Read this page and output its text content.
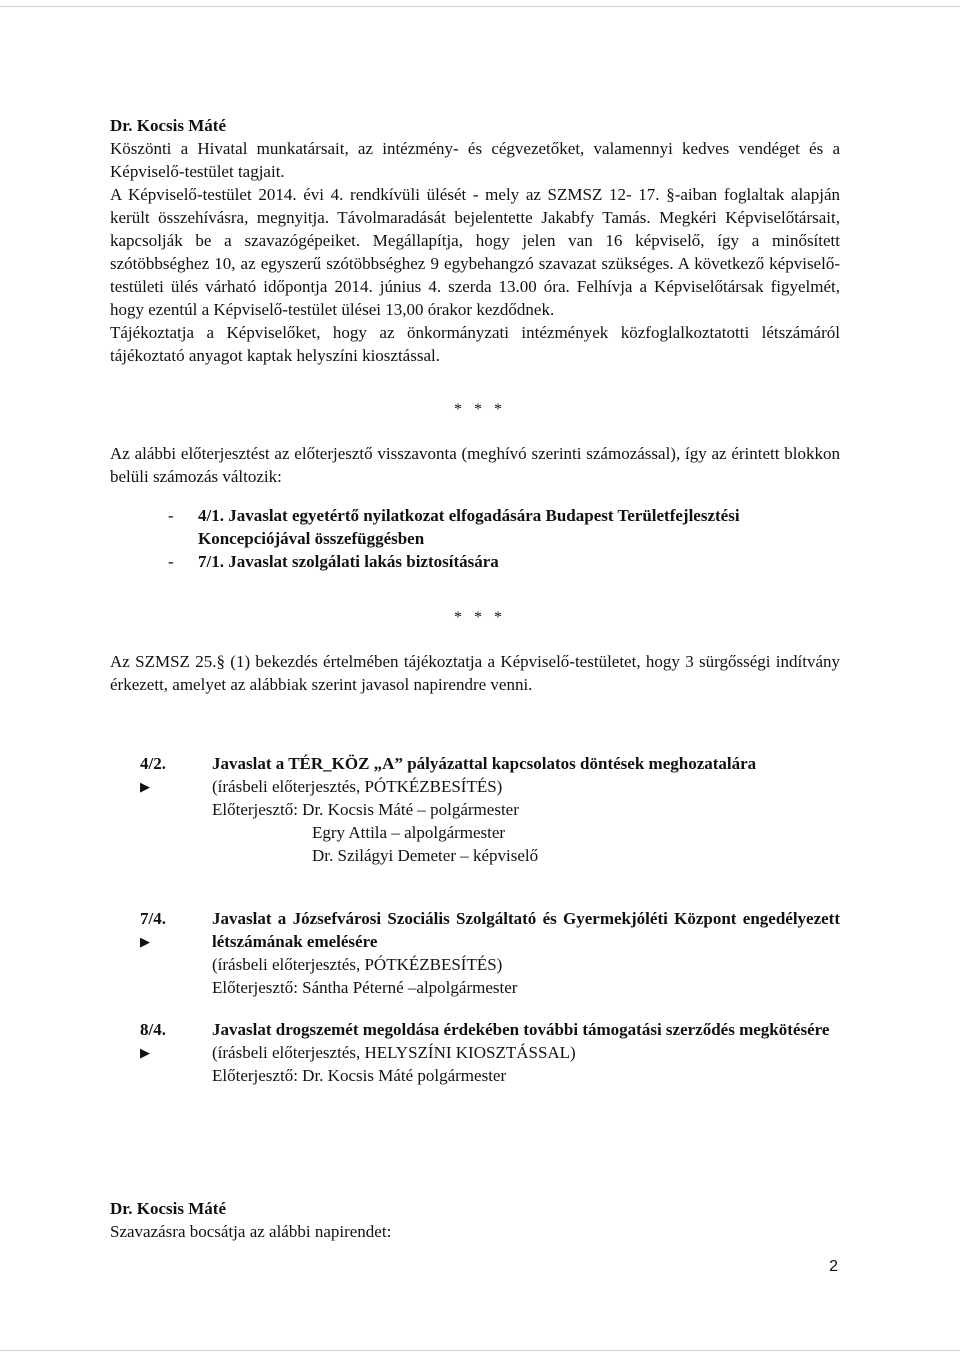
Dr. Kocsis Máté

Köszönti a Hivatal munkatársait, az intézmény- és cégvezetőket, valamennyi kedves vendéget és a Képviselő-testület tagjait.

A Képviselő-testület 2014. évi 4. rendkívüli ülését - mely az SZMSZ 12- 17. §-aiban foglaltak alapján került összehívásra, megnyitja. Távolmaradását bejelentette Jakabfy Tamás. Megkéri Képviselőtársait, kapcsolják be a szavazógépeiket. Megállapítja, hogy jelen van 16 képviselő, így a minősített szótöbbséghez 10, az egyszerű szótöbbséghez 9 egybehangzó szavazat szükséges. A következő képviselő-testületi ülés várható időpontja 2014. június 4. szerda 13.00 óra. Felhívja a Képviselőtársak figyelmét, hogy ezentúl a Képviselő-testület ülései 13,00 órakor kezdődnek.

Tájékoztatja a Képviselőket, hogy az önkormányzati intézmények közfoglalkoztatotti létszámáról tájékoztató anyagot kaptak helyszíni kiosztással.

* * *
Az alábbi előterjesztést az előterjesztő visszavonta (meghívó szerinti számozással), így az érintett blokkon belüli számozás változik:
-	4/1. Javaslat egyetértő nyilatkozat elfogadására Budapest Területfejlesztési Koncepciójával összefüggésben
-	7/1. Javaslat szolgálati lakás biztosítására
* * *
Az SZMSZ 25.§ (1) bekezdés értelmében tájékoztatja a Képviselő-testületet, hogy 3 sürgősségi indítvány érkezett, amelyet az alábbiak szerint javasol napirendre venni.
4/2.
▶
Javaslat a TÉR_KÖZ „A” pályázattal kapcsolatos döntések meghozatalára
(írásbeli előterjesztés, PÓTKÉZBESÍTÉS)
Előterjesztő: Dr. Kocsis Máté – polgármester
Egry Attila – alpolgármester
Dr. Szilágyi Demeter – képviselő
7/4.
▶
Javaslat a Józsefvárosi Szociális Szolgáltató és Gyermekjóléti Központ engedélyezett létszámának emelésére
(írásbeli előterjesztés, PÓTKÉZBESÍTÉS)
Előterjesztő: Sántha Péterné –alpolgármester
8/4.
▶
Javaslat drogszemét megoldása érdekében további támogatási szerződés megkötésére
(írásbeli előterjesztés, HELYSZÍNI KIOSZTÁSSAL)
Előterjesztő: Dr. Kocsis Máté polgármester

Dr. Kocsis Máté

Szavazásra bocsátja az alábbi napirendet:

2
